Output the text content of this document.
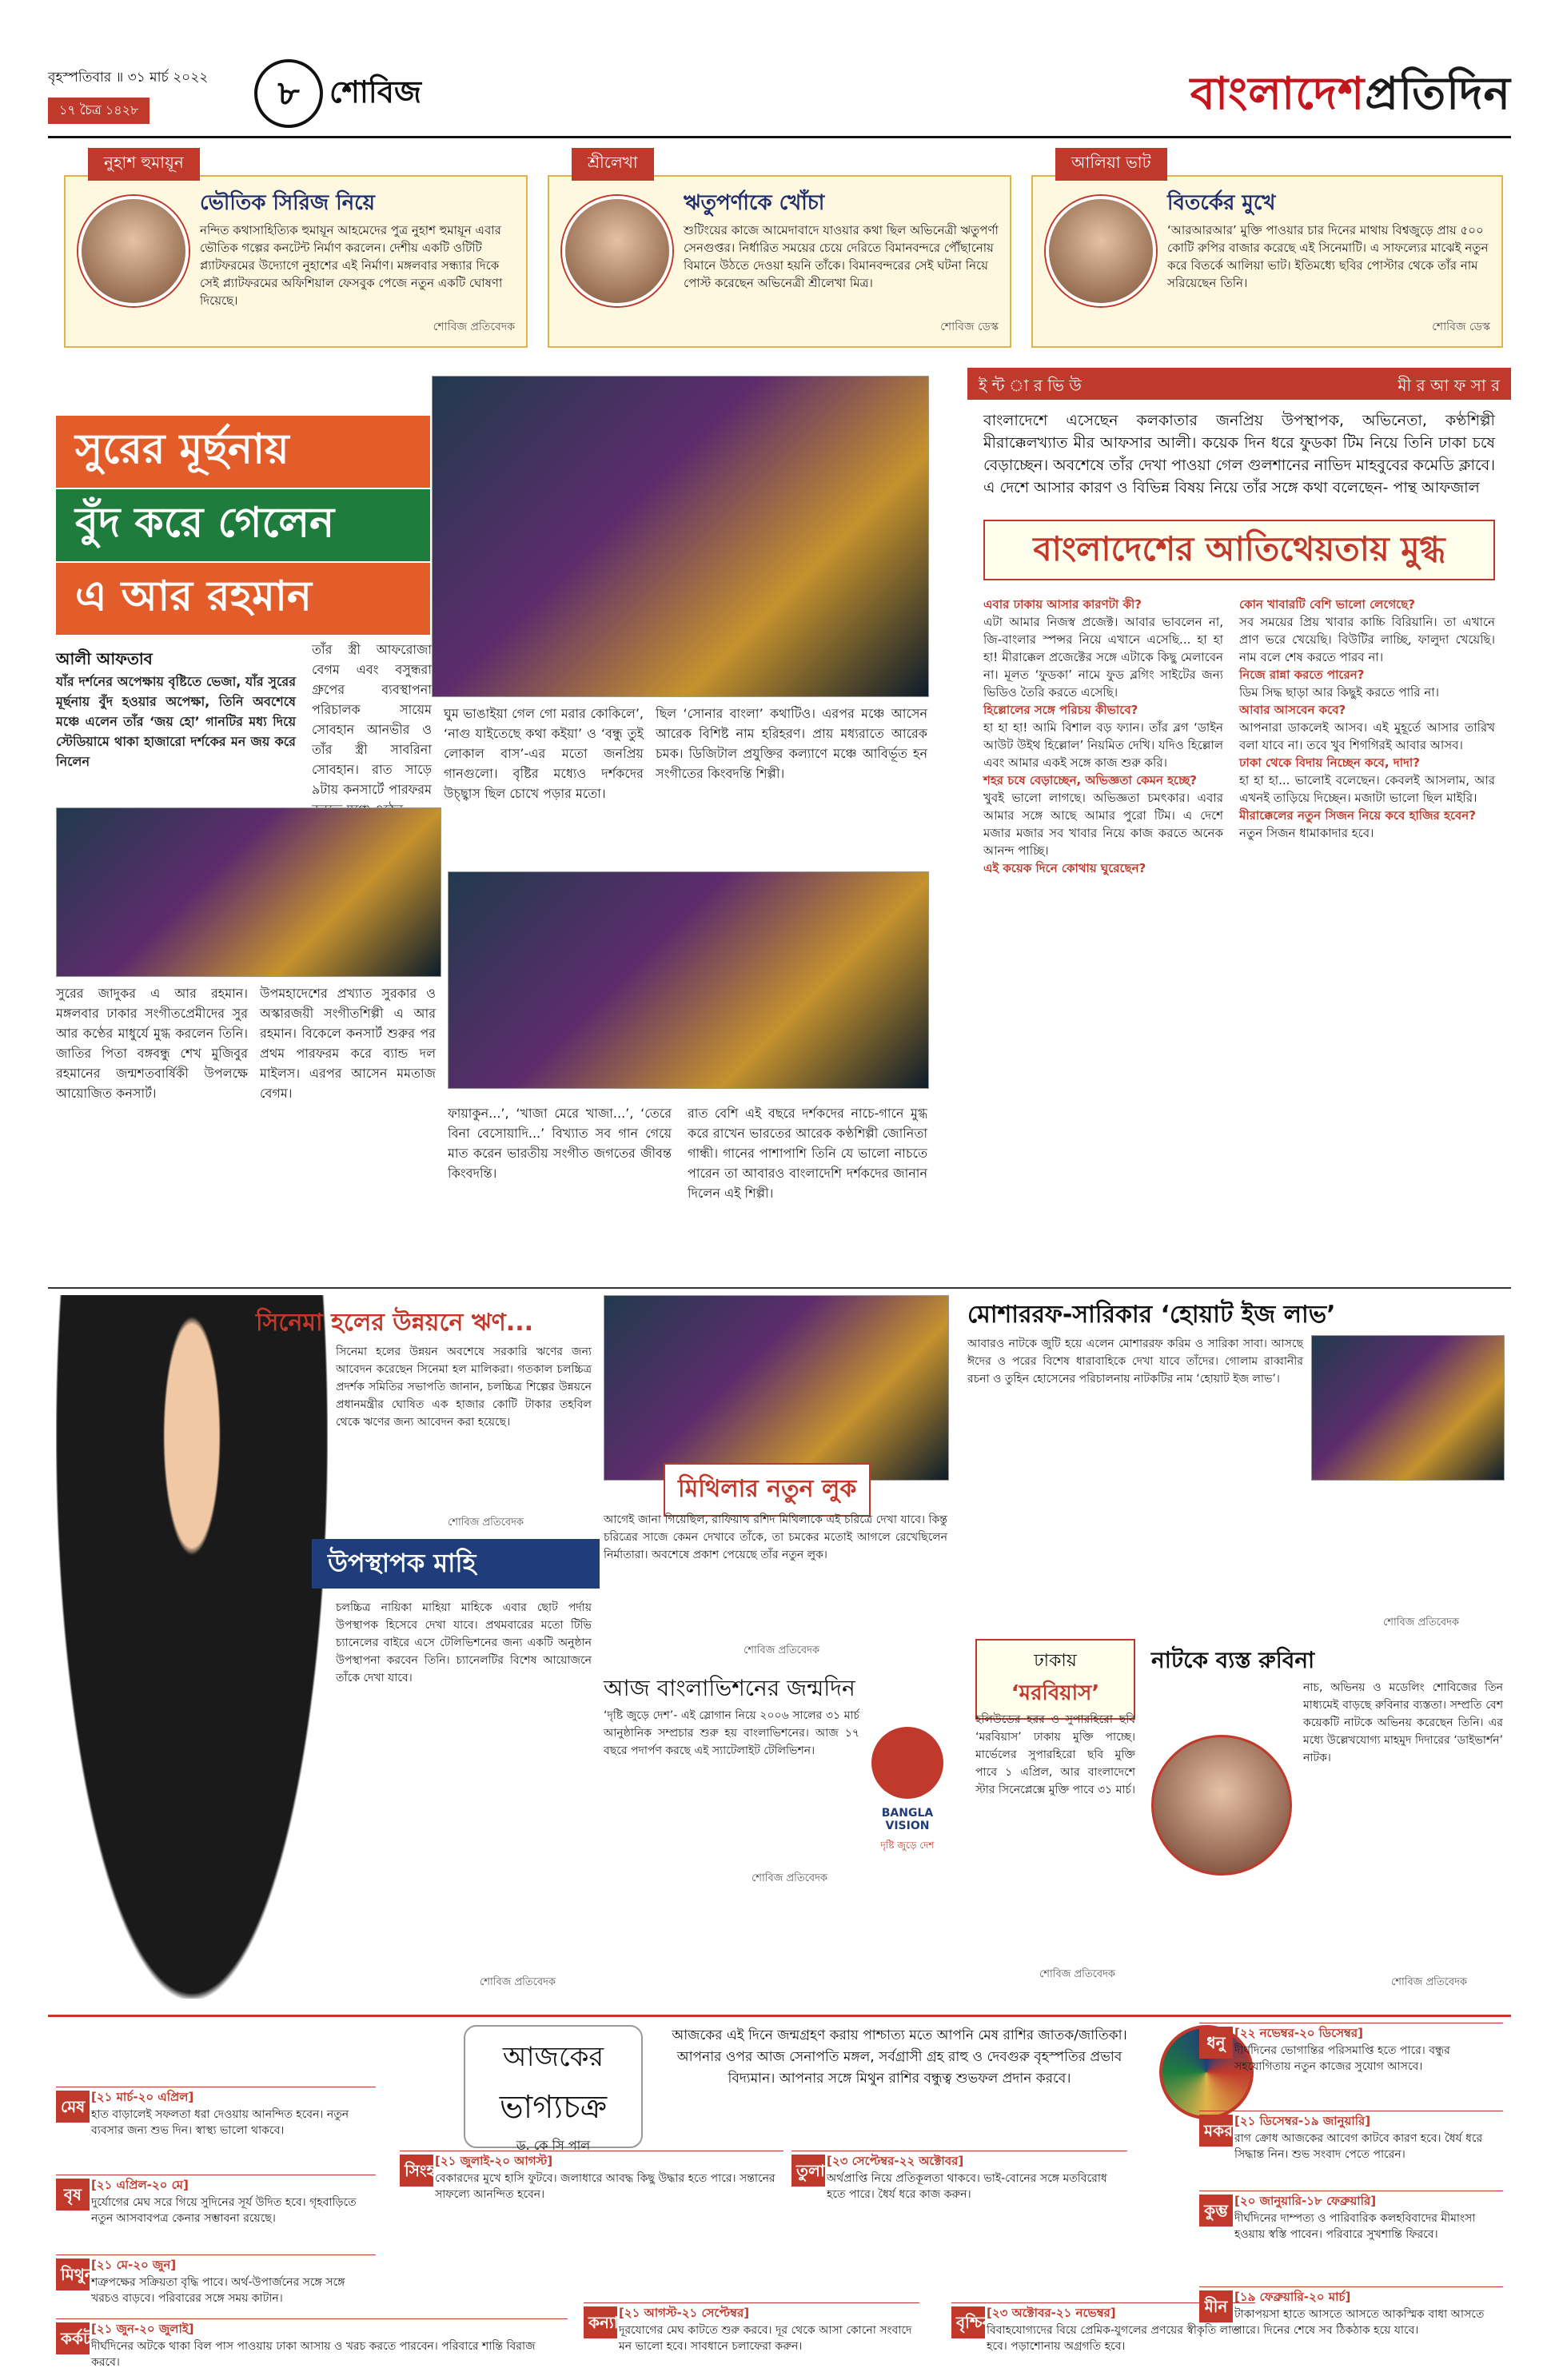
বৃহস্পতিবার ॥ ৩১ মার্চ ২০২২
১৭ চৈত্র ১৪২৮	৮ শোবিজ	বাংলাদেশপ্রতিদিন
নুহাশ হুমায়ূন
ভৌতিক সিরিজ নিয়ে
নন্দিত কথাসাহিত্যিক হুমায়ূন আহমেদের পুত্র নুহাশ হুমায়ূন এবার ভৌতিক গল্পের কনটেন্ট নির্মাণ করলেন। দেশীয় একটি ওটিটি প্ল্যাটফরমের উদ্যোগে নুহাশের এই নির্মাণ। মঙ্গলবার সন্ধ্যার দিকে সেই প্ল্যাটফরমের অফিশিয়াল ফেসবুক পেজে নতুন একটি ঘোষণা দিয়েছে।
শোবিজ প্রতিবেদক
শ্রীলেখা
ঋতুপর্ণাকে খোঁচা
শুটিংয়ের কাজে আমেদাবাদে যাওয়ার কথা ছিল অভিনেত্রী ঋতুপর্ণা সেনগুপ্তর। নির্ধারিত সময়ের চেয়ে দেরিতে বিমানবন্দরে পৌঁছানোয় বিমানে উঠতে দেওয়া হয়নি তাঁকে। বিমানবন্দরের সেই ঘটনা নিয়ে পোস্ট করেছেন অভিনেত্রী শ্রীলেখা মিত্র।
শোবিজ ডেস্ক
আলিয়া ভাট
বিতর্কের মুখে
‘আরআরআর’ মুক্তি পাওয়ার চার দিনের মাথায় বিশ্বজুড়ে প্রায় ৫০০ কোটি রুপির বাজার করেছে এই সিনেমাটি। এ সাফল্যের মাঝেই নতুন করে বিতর্কে আলিয়া ভাট। ইতিমধ্যে ছবির পোস্টার থেকে তাঁর নাম সরিয়েছেন তিনি।
শোবিজ ডেস্ক
সুরের মূর্ছনায়
বুঁদ করে গেলেন
এ আর রহমান
আলী আফতাব
যাঁর দর্শনের অপেক্ষায় বৃষ্টিতে ভেজা, যাঁর সুরের মূর্ছনায় বুঁদ হওয়ার অপেক্ষা, তিনি অবশেষে মঞ্চে এলেন তাঁর ‘জয় হো’ গানটির মধ্য দিয়ে স্টেডিয়ামে থাকা হাজারো দর্শকের মন জয় করে নিলেন
তাঁর স্ত্রী আফরোজা বেগম এবং বসুন্ধরা গ্রুপের ব্যবস্থাপনা পরিচালক সায়েম সোবহান আনভীর ও তাঁর স্ত্রী সাবরিনা সোবহান। রাত সাড়ে ৯টায় কনসার্টে পারফরম
ঘুম ভাঙাইয়া গেল গো মরার কোকিলে’, ‘নাগু যাইতেছে কথা কইয়া’ ও ‘বন্ধু তুই লোকাল বাস’-এর মতো জনপ্রিয় গানগুলো। বৃষ্টির মধ্যেও দর্শকদের উচ্ছ্বাস ছিল চোখে পড়ার মতো।
ছিল ‘সোনার বাংলা’ কথাটিও। এরপর মঞ্চে আসেন আরেক বিশিষ্ট নাম হরিহরণ। প্রায় মধ্যরাতে আরেক চমক। ডিজিটাল প্রযুক্তির কল্যাণে মঞ্চে আবির্ভূত হন সংগীতের কিংবদন্তি শিল্পী।
সুরের জাদুকর এ আর রহমান। মঙ্গলবার ঢাকার সংগীতপ্রেমীদের সুর আর কণ্ঠের মাধুর্যে মুগ্ধ করলেন তিনি। জাতির পিতা বঙ্গবন্ধু শেখ মুজিবুর রহমানের জন্মশতবার্ষিকী উপলক্ষে আয়োজিত কনসার্ট।
উপমহাদেশের প্রখ্যাত সুরকার ও অস্কারজয়ী সংগীতশিল্পী এ আর রহমান। বিকেলে কনসার্ট শুরুর পর প্রথম পারফরম করে ব্যান্ড দল মাইলস। এরপর আসেন মমতাজ বেগম।
ফায়াকুন...’, ‘খাজা মেরে খাজা...’, ‘তেরে বিনা বেসোয়াদি...’ বিখ্যাত সব গান গেয়ে মাত করেন ভারতীয় সংগীত জগতের জীবন্ত কিংবদন্তি।
রাত বেশি এই বছরে দর্শকদের নাচে-গানে মুগ্ধ করে রাখেন ভারতের আরেক কণ্ঠশিল্পী জোনিতা গান্ধী। গানের পাশাপাশি তিনি যে ভালো নাচতে পারেন তা আবারও বাংলাদেশি দর্শকদের জানান দিলেন এই শিল্পী।
ই ন্ট া র ভি উ	মী র আ ফ সা র
বাংলাদেশে এসেছেন কলকাতার জনপ্রিয় উপস্থাপক, অভিনেতা, কণ্ঠশিল্পী মীরাক্কেলখ্যাত মীর আফসার আলী। কয়েক দিন ধরে ফুডকা টিম নিয়ে তিনি ঢাকা চষে বেড়াচ্ছেন। অবশেষে তাঁর দেখা পাওয়া গেল গুলশানের নাভিদ মাহবুবের কমেডি ক্লাবে। এ দেশে আসার কারণ ও বিভিন্ন বিষয় নিয়ে তাঁর সঙ্গে কথা বলেছেন- পান্থ আফজাল
বাংলাদেশের আতিথেয়তায় মুগ্ধ
এবার ঢাকায় আসার কারণটা কী?
এটা আমার নিজস্ব প্রজেক্ট। আবার ভাবলেন না, জি-বাংলার স্পন্সর নিয়ে এখানে এসেছি... হা হা হা! মীরাক্কেল প্রজেক্টের সঙ্গে এটাকে কিছু মেলাবেন না। মূলত ‘ফুডকা’ নামে ফুড ব্লগিং সাইটের জন্য ভিডিও তৈরি করতে এসেছি।
হিল্লোলের সঙ্গে পরিচয় কীভাবে?
হা হা হা! আমি বিশাল বড় ফ্যান। তাঁর ব্লগ ‘ডাইন আউট উইথ হিল্লোল’ নিয়মিত দেখি। যদিও হিল্লোল এবং আমার একই সঙ্গে কাজ শুরু করি।
শহর চষে বেড়াচ্ছেন, অভিজ্ঞতা কেমন হচ্ছে?
খুবই ভালো লাগছে। অভিজ্ঞতা চমৎকার। এবার আমার সঙ্গে আছে আমার পুরো টিম। এ দেশে মজার মজার সব খাবার নিয়ে কাজ করতে অনেক আনন্দ পাচ্ছি।
এই কয়েক দিনে কোথায় ঘুরেছেন?
কোন খাবারটি বেশি ভালো লেগেছে?
সব সময়ের প্রিয় খাবার কাচ্চি বিরিয়ানি। তা এখানে প্রাণ ভরে খেয়েছি। বিউটির লাচ্ছি, ফালুদা খেয়েছি। নাম বলে শেষ করতে পারব না।
নিজে রান্না করতে পারেন?
ডিম সিদ্ধ ছাড়া আর কিছুই করতে পারি না।
আবার আসবেন কবে?
আপনারা ডাকলেই আসব। এই মুহূর্তে আসার তারিখ বলা যাবে না। তবে খুব শিগগিরই আবার আসব।
ঢাকা থেকে বিদায় নিচ্ছেন কবে, দাদা?
হা হা হা... ভালোই বলেছেন। কেবলই আসলাম, আর এখনই তাড়িয়ে দিচ্ছেন। মজাটা ভালো ছিল মাইরি।
মীরাক্কেলের নতুন সিজন নিয়ে কবে হাজির হবেন?
নতুন সিজন ধামাকাদার হবে।
সিনেমা হলের উন্নয়নে ঋণ...
সিনেমা হলের উন্নয়ন অবশেষে সরকারি ঋণের জন্য আবেদন করেছেন সিনেমা হল মালিকরা। গতকাল চলচ্চিত্র প্রদর্শক সমিতির সভাপতি জানান, চলচ্চিত্র শিল্পের উন্নয়নে প্রধানমন্ত্রীর ঘোষিত এক হাজার কোটি টাকার তহবিল থেকে ঋণের জন্য আবেদন করা হয়েছে।
শোবিজ প্রতিবেদক
উপস্থাপক মাহি
চলচ্চিত্র নায়িকা মাহিয়া মাহিকে এবার ছোট পর্দায় উপস্থাপক হিসেবে দেখা যাবে। প্রথমবারের মতো টিভি চ্যানেলের বাইরে এসে টেলিভিশনের জন্য একটি অনুষ্ঠান উপস্থাপনা করবেন তিনি। চ্যানেলটির বিশেষ আয়োজনে তাঁকে দেখা যাবে।
শোবিজ প্রতিবেদক
মিথিলার নতুন লুক
আগেই জানা গিয়েছিল, রাফিয়াথ রশিদ মিথিলাকে এই চরিত্রে দেখা যাবে। কিন্তু চরিত্রের সাজে কেমন দেখাবে তাঁকে, তা চমকের মতোই আগলে রেখেছিলেন নির্মাতারা। অবশেষে প্রকাশ পেয়েছে তাঁর নতুন লুক।
শোবিজ প্রতিবেদক
আজ বাংলাভিশনের জন্মদিন
‘দৃষ্টি জুড়ে দেশ’- এই স্লোগান নিয়ে ২০০৬ সালের ৩১ মার্চ আনুষ্ঠানিক সম্প্রচার শুরু হয় বাংলাভিশনের। আজ ১৭ বছরে পদার্পণ করছে এই স্যাটেলাইট টেলিভিশন।
BANGLA VISION
দৃষ্টি জুড়ে দেশ
শোবিজ প্রতিবেদক
মোশাররফ-সারিকার ‘হোয়াট ইজ লাভ’
আবারও নাটকে জুটি হয়ে এলেন মোশাররফ করিম ও সারিকা সাবা। আসছে ঈদের ও পরের বিশেষ ধারাবাহিকে দেখা যাবে তাঁদের। গোলাম রাব্বানীর রচনা ও তুহিন হোসেনের পরিচালনায় নাটকটির নাম ‘হোয়াট ইজ লাভ’।
শোবিজ প্রতিবেদক
ঢাকায়
‘মরবিয়াস’
হলিউডের হরর ও সুপারহিরো ছবি ‘মরবিয়াস’ ঢাকায় মুক্তি পাচ্ছে। মার্ভেলের সুপারহিরো ছবি মুক্তি পাবে ১ এপ্রিল, আর বাংলাদেশে স্টার সিনেপ্লেক্সে মুক্তি পাবে ৩১ মার্চ।
শোবিজ প্রতিবেদক
নাটকে ব্যস্ত রুবিনা
নাচ, অভিনয় ও মডেলিং শোবিজের তিন মাধ্যমেই বাড়ছে রুবিনার ব্যস্ততা। সম্প্রতি বেশ কয়েকটি নাটকে অভিনয় করেছেন তিনি। এর মধ্যে উল্লেখযোগ্য মাহমুদ দিদারের ‘ডাইভার্শন’ নাটক।
শোবিজ প্রতিবেদক
আজকের
ভাগ্যচক্র
ড. কে সি পাল
আজকের এই দিনে জন্মগ্রহণ করায় পাশ্চাত্য মতে আপনি মেষ রাশির জাতক/জাতিকা। আপনার ওপর আজ সেনাপতি মঙ্গল, সর্বগ্রাসী গ্রহ রাহু ও দেবগুরু বৃহস্পতির প্রভাব বিদ্যমান। আপনার সঙ্গে মিথুন রাশির বন্ধুত্ব শুভফল প্রদান করবে।
মেষ [২১ মার্চ-২০ এপ্রিল]
হাত বাড়ালেই সফলতা ধরা দেওয়ায় আনন্দিত হবেন। নতুন ব্যবসার জন্য শুভ দিন। স্বাস্থ্য ভালো থাকবে।
বৃষ [২১ এপ্রিল-২০ মে]
দুর্যোগের মেঘ সরে গিয়ে সুদিনের সূর্য উদিত হবে। গৃহবাড়িতে নতুন আসবাবপত্র কেনার সম্ভাবনা রয়েছে।
মিথুন
[২১ মে-২০ জুন]
শত্রুপক্ষের সক্রিয়তা বৃদ্ধি পাবে। অর্থ-উপার্জনের সঙ্গে সঙ্গে খরচও বাড়বে। পরিবারের সঙ্গে সময় কাটান।
কর্কট [২১ জুন-২০ জুলাই]
দীর্ঘদিনের অটকে থাকা বিল পাস পাওয়ায় ঢাকা আসায় ও খরচ করতে পারবেন। পরিবারে শান্তি বিরাজ করবে।
সিংহ [২১ জুলাই-২০ আগস্ট]
বেকারদের মুখে হাসি ফুটবে। জলাধারে আবদ্ধ কিছু উদ্ধার হতে পারে। সন্তানের সাফল্যে আনন্দিত হবেন।
কন্যা [২১ আগস্ট-২১ সেপ্টেম্বর]
দূরযোগের মেঘ কাটতে শুরু করবে। দূর থেকে আসা কোনো সংবাদে মন ভালো হবে। সাবধানে চলাফেরা করুন।
তুলা [২৩ সেপ্টেম্বর-২২ অক্টোবর]
অর্থপ্রাপ্তি নিয়ে প্রতিকূলতা থাকবে। ভাই-বোনের সঙ্গে মতবিরোধ হতে পারে। ধৈর্য ধরে কাজ করুন।
বৃশ্চিক
[২৩ অক্টোবর-২১ নভেম্বর]
বিবাহযোগ্যদের বিয়ে প্রেমিক-যুগলের প্রণয়ের স্বীকৃতি লাভ হবে। পড়াশোনায় অগ্রগতি হবে।
ধনু [২২ নভেম্বর-২০ ডিসেম্বর]
দীর্ঘদিনের ভোগান্তির পরিসমাপ্তি হতে পারে। বন্ধুর সহযোগিতায় নতুন কাজের সুযোগ আসবে।
মকর [২১ ডিসেম্বর-১৯ জানুয়ারি]
রাগ ক্রোধ আজকের আবেগ কাটবে কারণ হবে। ধৈর্য ধরে সিদ্ধান্ত নিন। শুভ সংবাদ পেতে পারেন।
কুম্ভ [২০ জানুয়ারি-১৮ ফেব্রুয়ারি]
দীর্ঘদিনের দাম্পত্য ও পারিবারিক কলহবিবাদের মীমাংসা হওয়ায় স্বস্তি পাবেন। পরিবারে সুখশান্তি ফিরবে।
মীন [১৯ ফেব্রুয়ারি-২০ মার্চ]
টাকাপয়সা হাতে আসতে আসতে আকস্মিক বাধা আসতে পারে। দিনের শেষে সব ঠিকঠাক হয়ে যাবে।
